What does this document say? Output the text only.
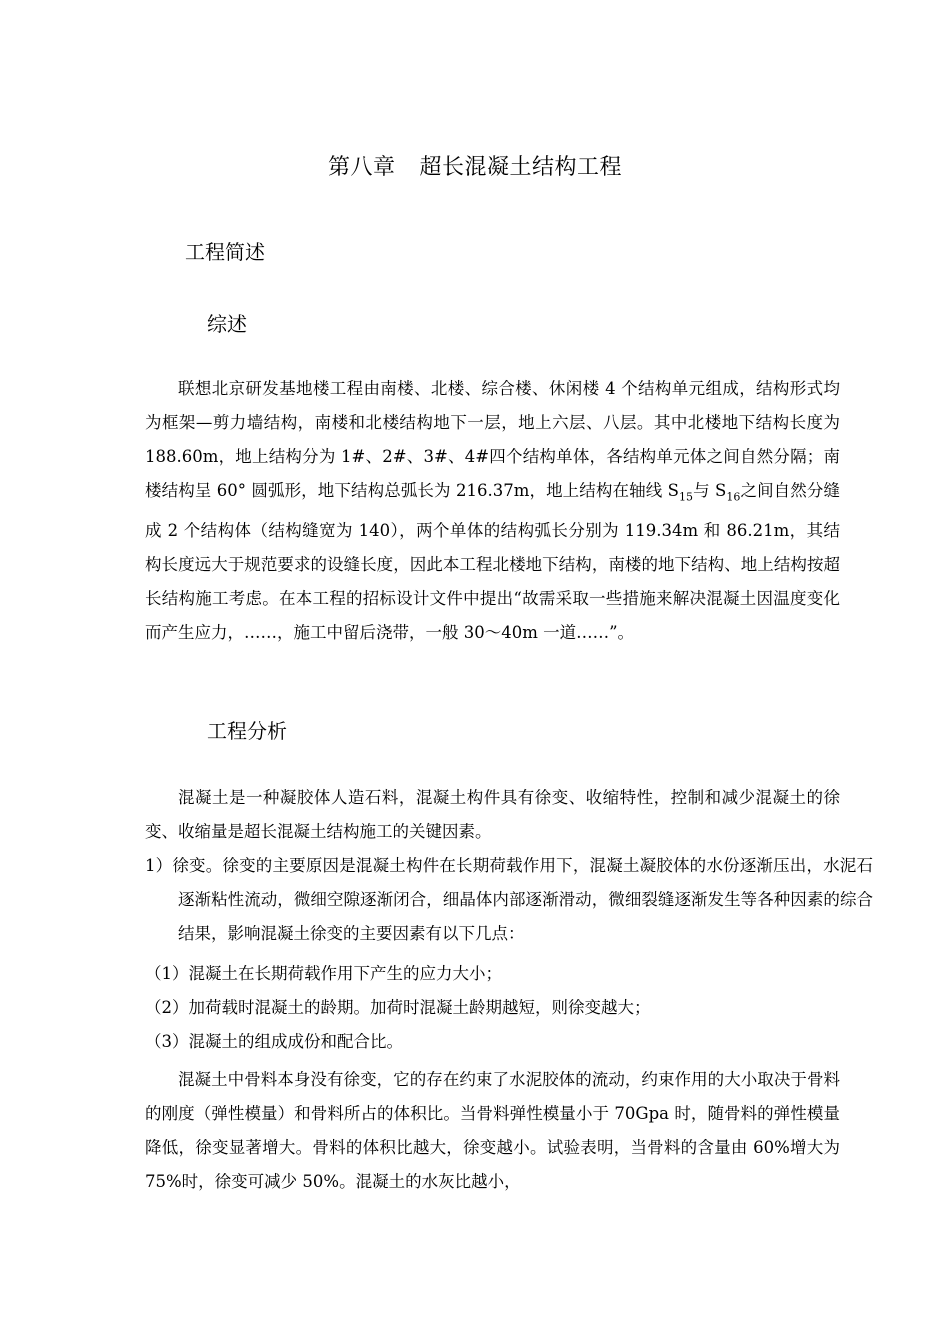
第八章 超长混凝土结构工程
工程简述
综述

联想北京研发基地楼工程由南楼、北楼、综合楼、休闲楼 4 个结构单元组成，结构形式均为框架—剪力墙结构，南楼和北楼结构地下一层，地上六层、八层。其中北楼地下结构长度为 188.60m，地上结构分为 1#、2#、3#、4#四个结构单体，各结构单元体之间自然分隔；南楼结构呈 60° 圆弧形，地下结构总弧长为 216.37m，地上结构在轴线 $S_{15}$与 $S_{16}$之间自然分缝成 2 个结构体（结构缝宽为 140），两个单体的结构弧长分别为 119.34m 和 86.21m，其结构长度远大于规范要求的设缝长度，因此本工程北楼地下结构，南楼的地下结构、地上结构按超长结构施工考虑。在本工程的招标设计文件中提出“故需采取一些措施来解决混凝土因温度变化而产生应力，……，施工中留后浇带，一般 30～40m 一道……”。

工程分析

混凝土是一种凝胶体人造石料，混凝土构件具有徐变、收缩特性，控制和减少混凝土的徐变、收缩量是超长混凝土结构施工的关键因素。

1）徐变。徐变的主要原因是混凝土构件在长期荷载作用下，混凝土凝胶体的水份逐渐压出，水泥石逐渐粘性流动，微细空隙逐渐闭合，细晶体内部逐渐滑动，微细裂缝逐渐发生等各种因素的综合结果，影响混凝土徐变的主要因素有以下几点：

（1）混凝土在长期荷载作用下产生的应力大小；

（2）加荷载时混凝土的龄期。加荷时混凝土龄期越短，则徐变越大；

（3）混凝土的组成成份和配合比。

混凝土中骨料本身没有徐变，它的存在约束了水泥胶体的流动，约束作用的大小取决于骨料的刚度（弹性模量）和骨料所占的体积比。当骨料弹性模量小于 70Gpa 时，随骨料的弹性模量降低，徐变显著增大。骨料的体积比越大，徐变越小。试验表明，当骨料的含量由 60%增大为 75%时，徐变可减少 50%。混凝土的水灰比越小，
